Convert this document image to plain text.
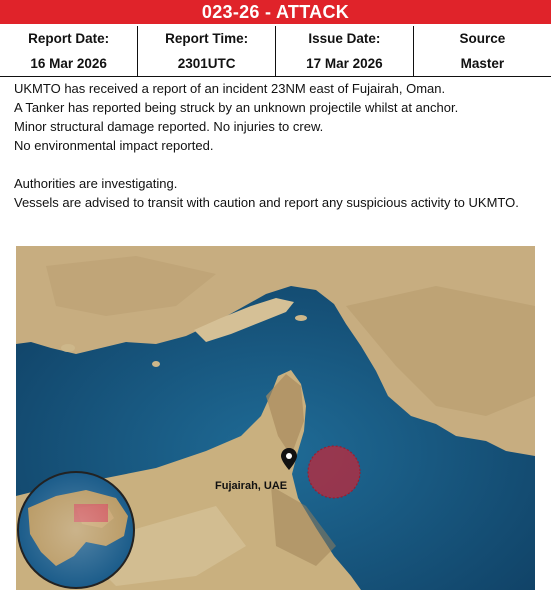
023-26 - ATTACK
Report Date:	Report Time:	Issue Date:	Source
16 Mar 2026	2301UTC	17 Mar 2026	Master

UKMTO has received a report of an incident 23NM east of Fujairah, Oman.

A Tanker has reported being struck by an unknown projectile whilst at anchor.

Minor structural damage reported. No injuries to crew.

No environmental impact reported.

Authorities are investigating.

Vessels are advised to transit with caution and report any suspicious activity to UKMTO.

Fujairah, UAE
